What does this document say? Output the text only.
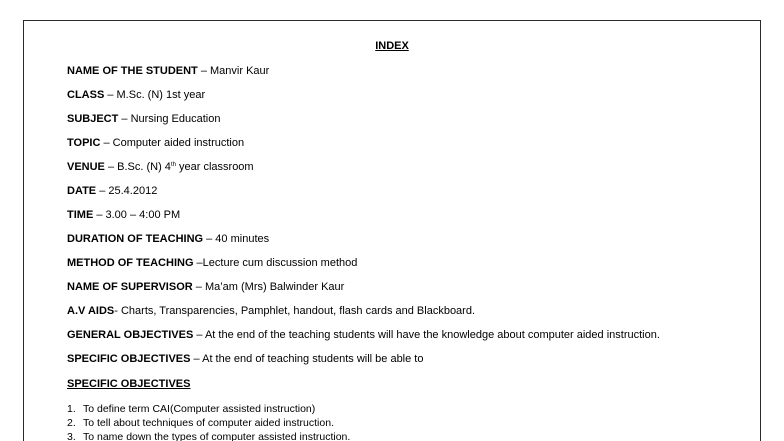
INDEX
NAME OF THE STUDENT – Manvir Kaur
CLASS – M.Sc. (N) 1st year
SUBJECT – Nursing Education
TOPIC – Computer aided instruction
VENUE – B.Sc. (N) 4th year classroom
DATE – 25.4.2012
TIME – 3.00 – 4:00 PM
DURATION OF TEACHING – 40 minutes
METHOD OF TEACHING –Lecture cum discussion method
NAME OF SUPERVISOR – Ma’am (Mrs) Balwinder Kaur
A.V AIDS- Charts, Transparencies, Pamphlet, handout, flash cards and Blackboard.
GENERAL OBJECTIVES – At the end of the teaching students will have the knowledge about computer aided instruction.
SPECIFIC OBJECTIVES – At the end of teaching students will be able to
SPECIFIC OBJECTIVES
1. To define term CAI(Computer assisted instruction)
2. To tell about techniques of computer aided instruction.
3. To name down the types of computer assisted instruction.
